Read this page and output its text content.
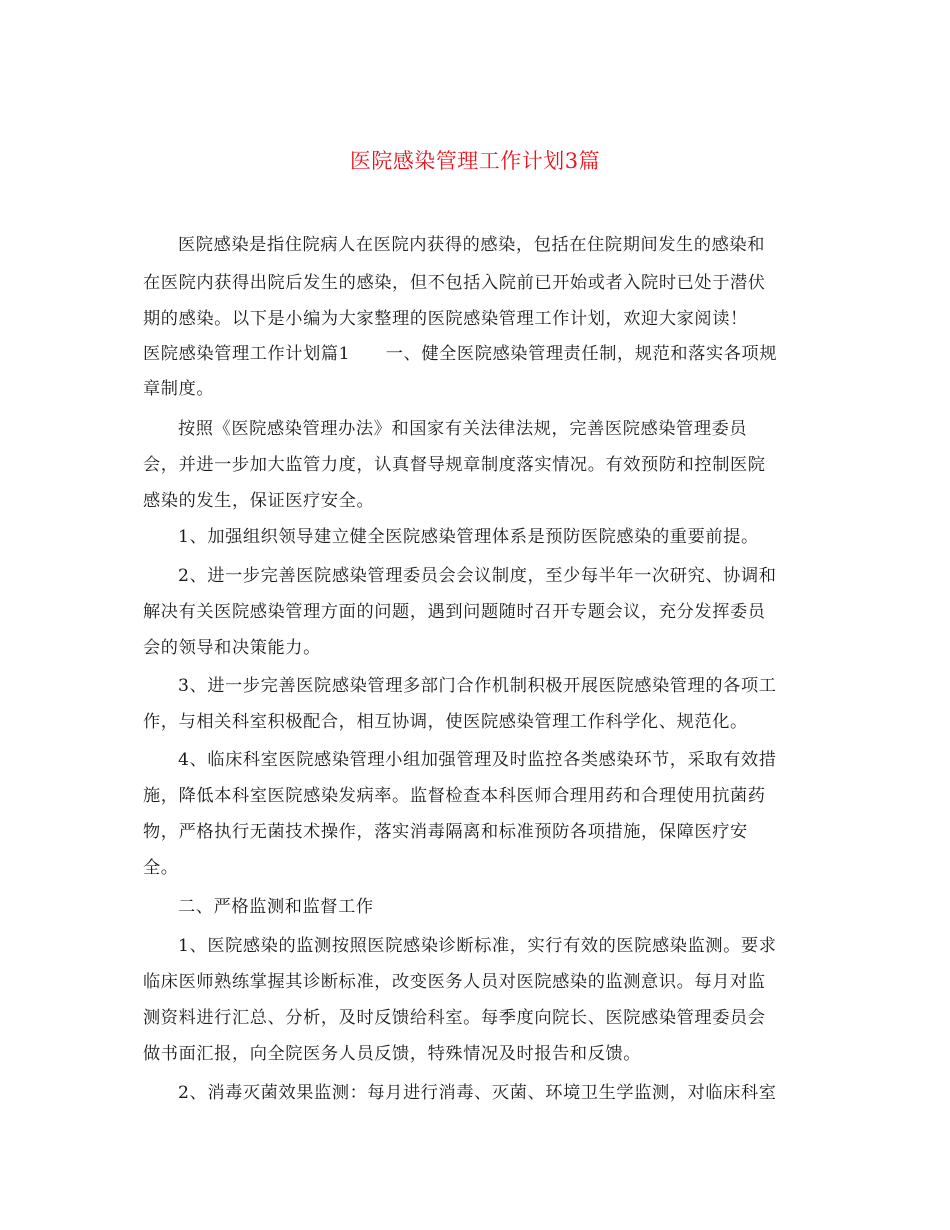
医院感染管理工作计划3篇
医院感染是指住院病人在医院内获得的感染，包括在住院期间发生的感染和
在医院内获得出院后发生的感染，但不包括入院前已开始或者入院时已处于潜伏
期的感染。以下是小编为大家整理的医院感染管理工作计划，欢迎大家阅读！
医院感染管理工作计划篇1　　一、健全医院感染管理责任制，规范和落实各项规
章制度。
按照《医院感染管理办法》和国家有关法律法规，完善医院感染管理委员
会，并进一步加大监管力度，认真督导规章制度落实情况。有效预防和控制医院
感染的发生，保证医疗安全。
1、加强组织领导建立健全医院感染管理体系是预防医院感染的重要前提。
2、进一步完善医院感染管理委员会会议制度，至少每半年一次研究、协调和
解决有关医院感染管理方面的问题，遇到问题随时召开专题会议，充分发挥委员
会的领导和决策能力。
3、进一步完善医院感染管理多部门合作机制积极开展医院感染管理的各项工
作，与相关科室积极配合，相互协调，使医院感染管理工作科学化、规范化。
4、临床科室医院感染管理小组加强管理及时监控各类感染环节，采取有效措
施，降低本科室医院感染发病率。监督检查本科医师合理用药和合理使用抗菌药
物，严格执行无菌技术操作，落实消毒隔离和标准预防各项措施，保障医疗安
全。
二、严格监测和监督工作
1、医院感染的监测按照医院感染诊断标准，实行有效的医院感染监测。要求
临床医师熟练掌握其诊断标准，改变医务人员对医院感染的监测意识。每月对监
测资料进行汇总、分析，及时反馈给科室。每季度向院长、医院感染管理委员会
做书面汇报，向全院医务人员反馈，特殊情况及时报告和反馈。
2、消毒灭菌效果监测：每月进行消毒、灭菌、环境卫生学监测，对临床科室
